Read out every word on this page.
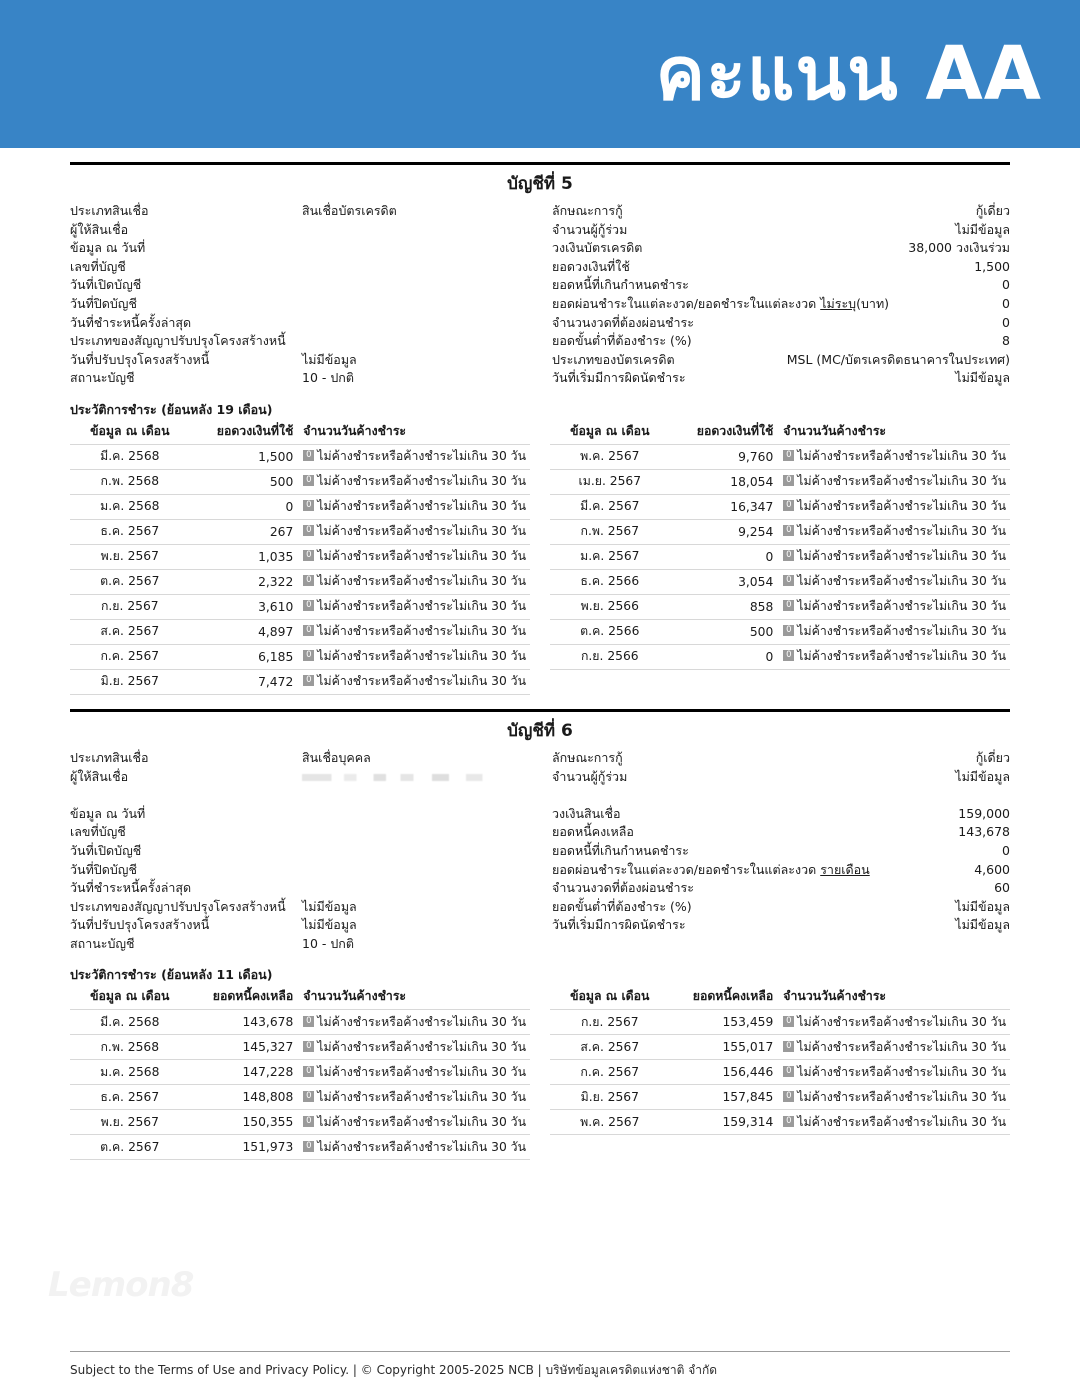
คะแนน AA
บัญชีที่ 5
ประเภทสินเชื่อ	สินเชื่อบัตรเครดิต
ผู้ให้สินเชื่อ
ข้อมูล ณ วันที่
เลขที่บัญชี
วันที่เปิดบัญชี
วันที่ปิดบัญชี
วันที่ชำระหนี้ครั้งล่าสุด
ประเภทของสัญญาปรับปรุงโครงสร้างหนี้
วันที่ปรับปรุงโครงสร้างหนี้	ไม่มีข้อมูล
สถานะบัญชี	10 - ปกติ
ลักษณะการกู้	กู้เดี่ยว
จำนวนผู้กู้ร่วม	ไม่มีข้อมูล
วงเงินบัตรเครดิต	38,000 วงเงินร่วม
ยอดวงเงินที่ใช้	1,500
ยอดหนี้ที่เกินกำหนดชำระ	0
ยอดผ่อนชำระในแต่ละงวด/ยอดชำระในแต่ละงวด ไม่ระบุ(บาท)	0
จำนวนงวดที่ต้องผ่อนชำระ	0
ยอดขั้นต่ำที่ต้องชำระ (%)	8
ประเภทของบัตรเครดิต	MSL (MC/บัตรเครดิตธนาคารในประเทศ)
วันที่เริ่มมีการผิดนัดชำระ	ไม่มีข้อมูล
ประวัติการชำระ (ย้อนหลัง 19 เดือน)
ข้อมูล ณ เดือน	ยอดวงเงินที่ใช้	จำนวนวันค้างชำระ
มี.ค. 2568	1,500	0 ไม่ค้างชำระหรือค้างชำระไม่เกิน 30 วัน
ก.พ. 2568	500	0 ไม่ค้างชำระหรือค้างชำระไม่เกิน 30 วัน
ม.ค. 2568	0	0 ไม่ค้างชำระหรือค้างชำระไม่เกิน 30 วัน
ธ.ค. 2567	267	0 ไม่ค้างชำระหรือค้างชำระไม่เกิน 30 วัน
พ.ย. 2567	1,035	0 ไม่ค้างชำระหรือค้างชำระไม่เกิน 30 วัน
ต.ค. 2567	2,322	0 ไม่ค้างชำระหรือค้างชำระไม่เกิน 30 วัน
ก.ย. 2567	3,610	0 ไม่ค้างชำระหรือค้างชำระไม่เกิน 30 วัน
ส.ค. 2567	4,897	0 ไม่ค้างชำระหรือค้างชำระไม่เกิน 30 วัน
ก.ค. 2567	6,185	0 ไม่ค้างชำระหรือค้างชำระไม่เกิน 30 วัน
มิ.ย. 2567	7,472	0 ไม่ค้างชำระหรือค้างชำระไม่เกิน 30 วัน
ข้อมูล ณ เดือน	ยอดวงเงินที่ใช้	จำนวนวันค้างชำระ
พ.ค. 2567	9,760	0 ไม่ค้างชำระหรือค้างชำระไม่เกิน 30 วัน
เม.ย. 2567	18,054	0 ไม่ค้างชำระหรือค้างชำระไม่เกิน 30 วัน
มี.ค. 2567	16,347	0 ไม่ค้างชำระหรือค้างชำระไม่เกิน 30 วัน
ก.พ. 2567	9,254	0 ไม่ค้างชำระหรือค้างชำระไม่เกิน 30 วัน
ม.ค. 2567	0	0 ไม่ค้างชำระหรือค้างชำระไม่เกิน 30 วัน
ธ.ค. 2566	3,054	0 ไม่ค้างชำระหรือค้างชำระไม่เกิน 30 วัน
พ.ย. 2566	858	0 ไม่ค้างชำระหรือค้างชำระไม่เกิน 30 วัน
ต.ค. 2566	500	0 ไม่ค้างชำระหรือค้างชำระไม่เกิน 30 วัน
ก.ย. 2566	0	0 ไม่ค้างชำระหรือค้างชำระไม่เกิน 30 วัน
บัญชีที่ 6
ประเภทสินเชื่อ	สินเชื่อบุคคล
ผู้ให้สินเชื่อ
ข้อมูล ณ วันที่
เลขที่บัญชี
วันที่เปิดบัญชี
วันที่ปิดบัญชี
วันที่ชำระหนี้ครั้งล่าสุด
ประเภทของสัญญาปรับปรุงโครงสร้างหนี้	ไม่มีข้อมูล
วันที่ปรับปรุงโครงสร้างหนี้	ไม่มีข้อมูล
สถานะบัญชี	10 - ปกติ
ลักษณะการกู้	กู้เดี่ยว
จำนวนผู้กู้ร่วม	ไม่มีข้อมูล
วงเงินสินเชื่อ	159,000
ยอดหนี้คงเหลือ	143,678
ยอดหนี้ที่เกินกำหนดชำระ	0
ยอดผ่อนชำระในแต่ละงวด/ยอดชำระในแต่ละงวด รายเดือน	4,600
จำนวนงวดที่ต้องผ่อนชำระ	60
ยอดขั้นต่ำที่ต้องชำระ (%)	ไม่มีข้อมูล
วันที่เริ่มมีการผิดนัดชำระ	ไม่มีข้อมูล
ประวัติการชำระ (ย้อนหลัง 11 เดือน)
ข้อมูล ณ เดือน	ยอดหนี้คงเหลือ	จำนวนวันค้างชำระ
มี.ค. 2568	143,678	0 ไม่ค้างชำระหรือค้างชำระไม่เกิน 30 วัน
ก.พ. 2568	145,327	0 ไม่ค้างชำระหรือค้างชำระไม่เกิน 30 วัน
ม.ค. 2568	147,228	0 ไม่ค้างชำระหรือค้างชำระไม่เกิน 30 วัน
ธ.ค. 2567	148,808	0 ไม่ค้างชำระหรือค้างชำระไม่เกิน 30 วัน
พ.ย. 2567	150,355	0 ไม่ค้างชำระหรือค้างชำระไม่เกิน 30 วัน
ต.ค. 2567	151,973	0 ไม่ค้างชำระหรือค้างชำระไม่เกิน 30 วัน
ข้อมูล ณ เดือน	ยอดหนี้คงเหลือ	จำนวนวันค้างชำระ
ก.ย. 2567	153,459	0 ไม่ค้างชำระหรือค้างชำระไม่เกิน 30 วัน
ส.ค. 2567	155,017	0 ไม่ค้างชำระหรือค้างชำระไม่เกิน 30 วัน
ก.ค. 2567	156,446	0 ไม่ค้างชำระหรือค้างชำระไม่เกิน 30 วัน
มิ.ย. 2567	157,845	0 ไม่ค้างชำระหรือค้างชำระไม่เกิน 30 วัน
พ.ค. 2567	159,314	0 ไม่ค้างชำระหรือค้างชำระไม่เกิน 30 วัน
Lemon8
Subject to the Terms of Use and Privacy Policy. | © Copyright 2005-2025 NCB | บริษัทข้อมูลเครดิตแห่งชาติ จำกัด
